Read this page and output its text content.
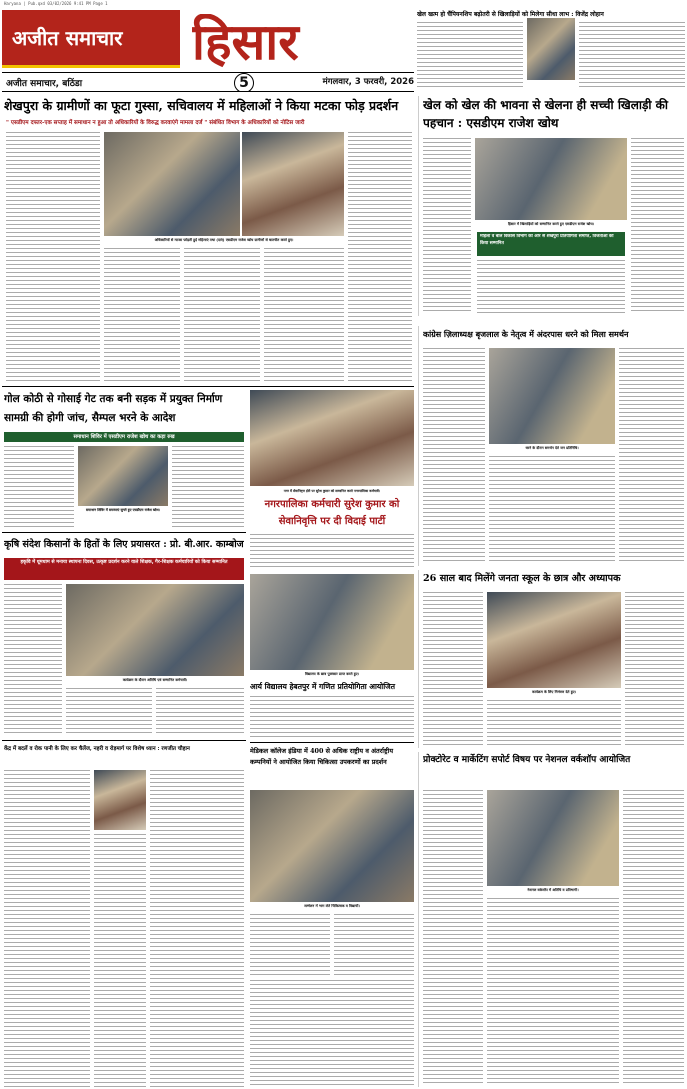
Haryana | Pub.qxd 03/02/2026 9:41 PM Page 1
अजीत समाचार	हिसार	खेल खत्म हो चैंपियनशिप बढ़ोतरी से खिलाड़ियों को मिलेगा सीधा लाभ : विजेंद्र लोहान
अजीत समाचार, बठिंडा	5	मंगलवार, 3 फरवरी, 2026
शेखपुरा के ग्रामीणों का फूटा गुस्सा, सचिवालय में महिलाओं ने किया मटका फोड़ प्रदर्शन
" एसडीएम दफ्तर-एक सप्ताह में समाधान न हुआ तो अधिकारियों के विरुद्ध करवाएंगे मामला दर्ज " संबंधित विभाग के अधिकारियों को नोटिस जारी
अधिकारियों से मटका फोड़ती हुई महिलाएं तथा (दाएं) एसडीएम राजेश खोथ ग्रामीणों से बातचीत करते हुए।
खेल को खेल की भावना से खेलना ही सच्ची खिलाड़ी की पहचान : एसडीएम राजेश खोथ
हिसार में खिलाड़ियों को सम्मानित करते हुए एसडीएम राजेश खोथ।
महिला व बाल विकास विभाग की ओर से शेखपुरा प्रतियोगिता समाप्त, विजेताओं को किया सम्मानित
गोल कोठी से गोसाई गेट तक बनी सड़क में प्रयुक्त निर्माण सामग्री की होगी जांच, सैम्पल भरने के आदेश
समाधान शिविर में एसडीएम राजेश खोथ का कड़ा रुख
समाधान शिविर में समस्याएं सुनते हुए एसडीएम राजेश खोथ।
नगर में सेवानिवृत्त होने पर सुरेश कुमार को सम्मानित करते नगरपालिका कर्मचारी।
नगरपालिका कर्मचारी सुरेश कुमार को सेवानिवृत्ति पर दी विदाई पार्टी
कांग्रेस ज़िलाध्यक्ष बृजलाल के नेतृत्व में अंदरपास धरने को मिला समर्थन
धरने के दौरान समर्थन देते जन प्रतिनिधि।
कृषि संदेश किसानों के हितों के लिए प्रयासरत : प्रो. बी.आर. काम्बोज
हकृवि में धूमधाम से मनाया स्थापना दिवस, उत्कृष्ट प्रदर्शन करने वाले शिक्षक, गैर-शिक्षक कर्मचारियों को किया सम्मानित
कार्यक्रम के दौरान अतिथि एवं सम्मानित कर्मचारी।
विद्यालय के छात्र पुरस्कार प्राप्त करते हुए।
आर्य विद्यालय हेबतपुर में गणित प्रतियोगिता आयोजित
26 साल बाद मिलेंगे जनता स्कूल के छात्र और अध्यापक
कार्यक्रम के लिए निमंत्रण देते हुए।
मेडिकल कॉलेज इंडिया में 400 से अधिक राष्ट्रीय व अंतर्राष्ट्रीय कम्पनियों ने आयोजित किया चिकित्सा उपकरणों का प्रदर्शन
सम्मेलन में भाग लेते चिकित्सक व विद्यार्थी।
प्रोक्टोरेट व मार्केटिंग सपोर्ट विषय पर नेशनल वर्कशॉप आयोजित
नेशनल वर्कशॉप में अतिथि व प्रतिभागी।
केंद्र में बदलें व रोक पानी के लिए कर चैलेंज, नहरी व रोड़मार्ग पर विशेष ध्यान : रणजीत चौहान
